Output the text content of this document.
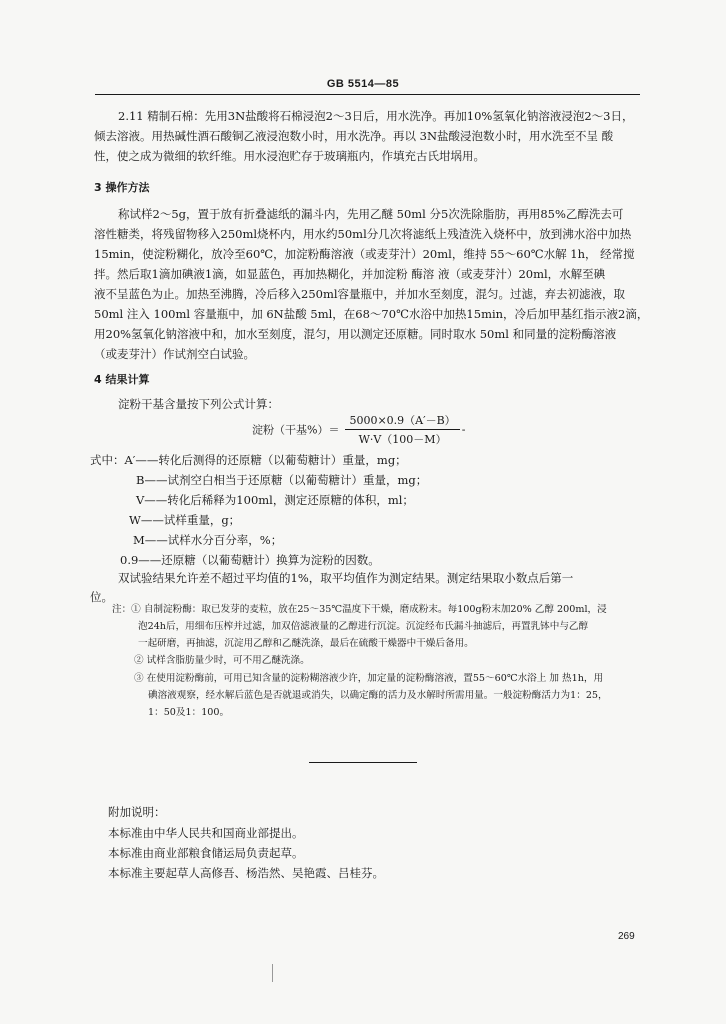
GB 5514—85
2.11 精制石棉：先用3N盐酸将石棉浸泡2～3日后，用水洗净。再加10%氢氧化钠溶液浸泡2～3日，
倾去溶液。用热碱性酒石酸铜乙液浸泡数小时，用水洗净。再以 3N盐酸浸泡数小时，用水洗至不呈 酸
性，使之成为微细的软纤维。用水浸泡贮存于玻璃瓶内，作填充古氏坩埚用。
3 操作方法
称试样2～5g，置于放有折叠滤纸的漏斗内，先用乙醚 50ml 分5次洗除脂肪，再用85%乙醇洗去可
溶性糖类，将残留物移入250ml烧杯内，用水约50ml分几次将滤纸上残渣洗入烧杯中，放到沸水浴中加热
15min，使淀粉糊化，放冷至60℃，加淀粉酶溶液（或麦芽汁）20ml，维持 55～60℃水解 1h， 经常搅
拌。然后取1滴加碘液1滴，如显蓝色，再加热糊化，并加淀粉 酶溶 液（或麦芽汁）20ml，水解至碘
液不呈蓝色为止。加热至沸腾，冷后移入250ml容量瓶中，并加水至刻度，混匀。过滤，弃去初滤液，取
50ml 注入 100ml 容量瓶中，加 6N盐酸 5ml，在68～70℃水浴中加热15min，冷后加甲基红指示液2滴，
用20%氢氧化钠溶液中和，加水至刻度，混匀，用以测定还原糖。同时取水 50ml 和同量的淀粉酶溶液
（或麦芽汁）作试剂空白试验。
4 结果计算
淀粉干基含量按下列公式计算：
淀粉（干基%）＝ $\frac{5000\times 0.9(A'-B)}{W\cdot V(100-M)}$ -
式中：A′——转化后测得的还原糖（以葡萄糖计）重量，mg；
B——试剂空白相当于还原糖（以葡萄糖计）重量，mg；
V——转化后稀释为100ml，测定还原糖的体积，ml；
W——试样重量，g；
M——试样水分百分率，%；
0.9——还原糖（以葡萄糖计）换算为淀粉的因数。
双试验结果允许差不超过平均值的1%，取平均值作为测定结果。测定结果取小数点后第一
位。
注：① 自制淀粉酶：取已发芽的麦粒，放在25～35℃温度下干燥，磨成粉末。每100g粉末加20% 乙醇 200ml，浸
泡24h后，用细布压榨并过滤，加双倍滤液量的乙醇进行沉淀。沉淀经布氏漏斗抽滤后，再置乳钵中与乙醇
一起研磨，再抽滤，沉淀用乙醇和乙醚洗涤，最后在硫酸干燥器中干燥后备用。
② 试样含脂肪量少时，可不用乙醚洗涤。
③ 在使用淀粉酶前，可用已知含量的淀粉糊溶液少许，加定量的淀粉酶溶液，置55～60℃水浴上 加 热1h，用
碘溶液观察，经水解后蓝色是否就退或消失，以确定酶的活力及水解时所需用量。一般淀粉酶活力为1：25，
1：50及1：100。
附加说明：
本标准由中华人民共和国商业部提出。
本标准由商业部粮食储运局负责起草。
本标准主要起草人高修吾、杨浩然、吴艳霞、吕桂芬。
269
